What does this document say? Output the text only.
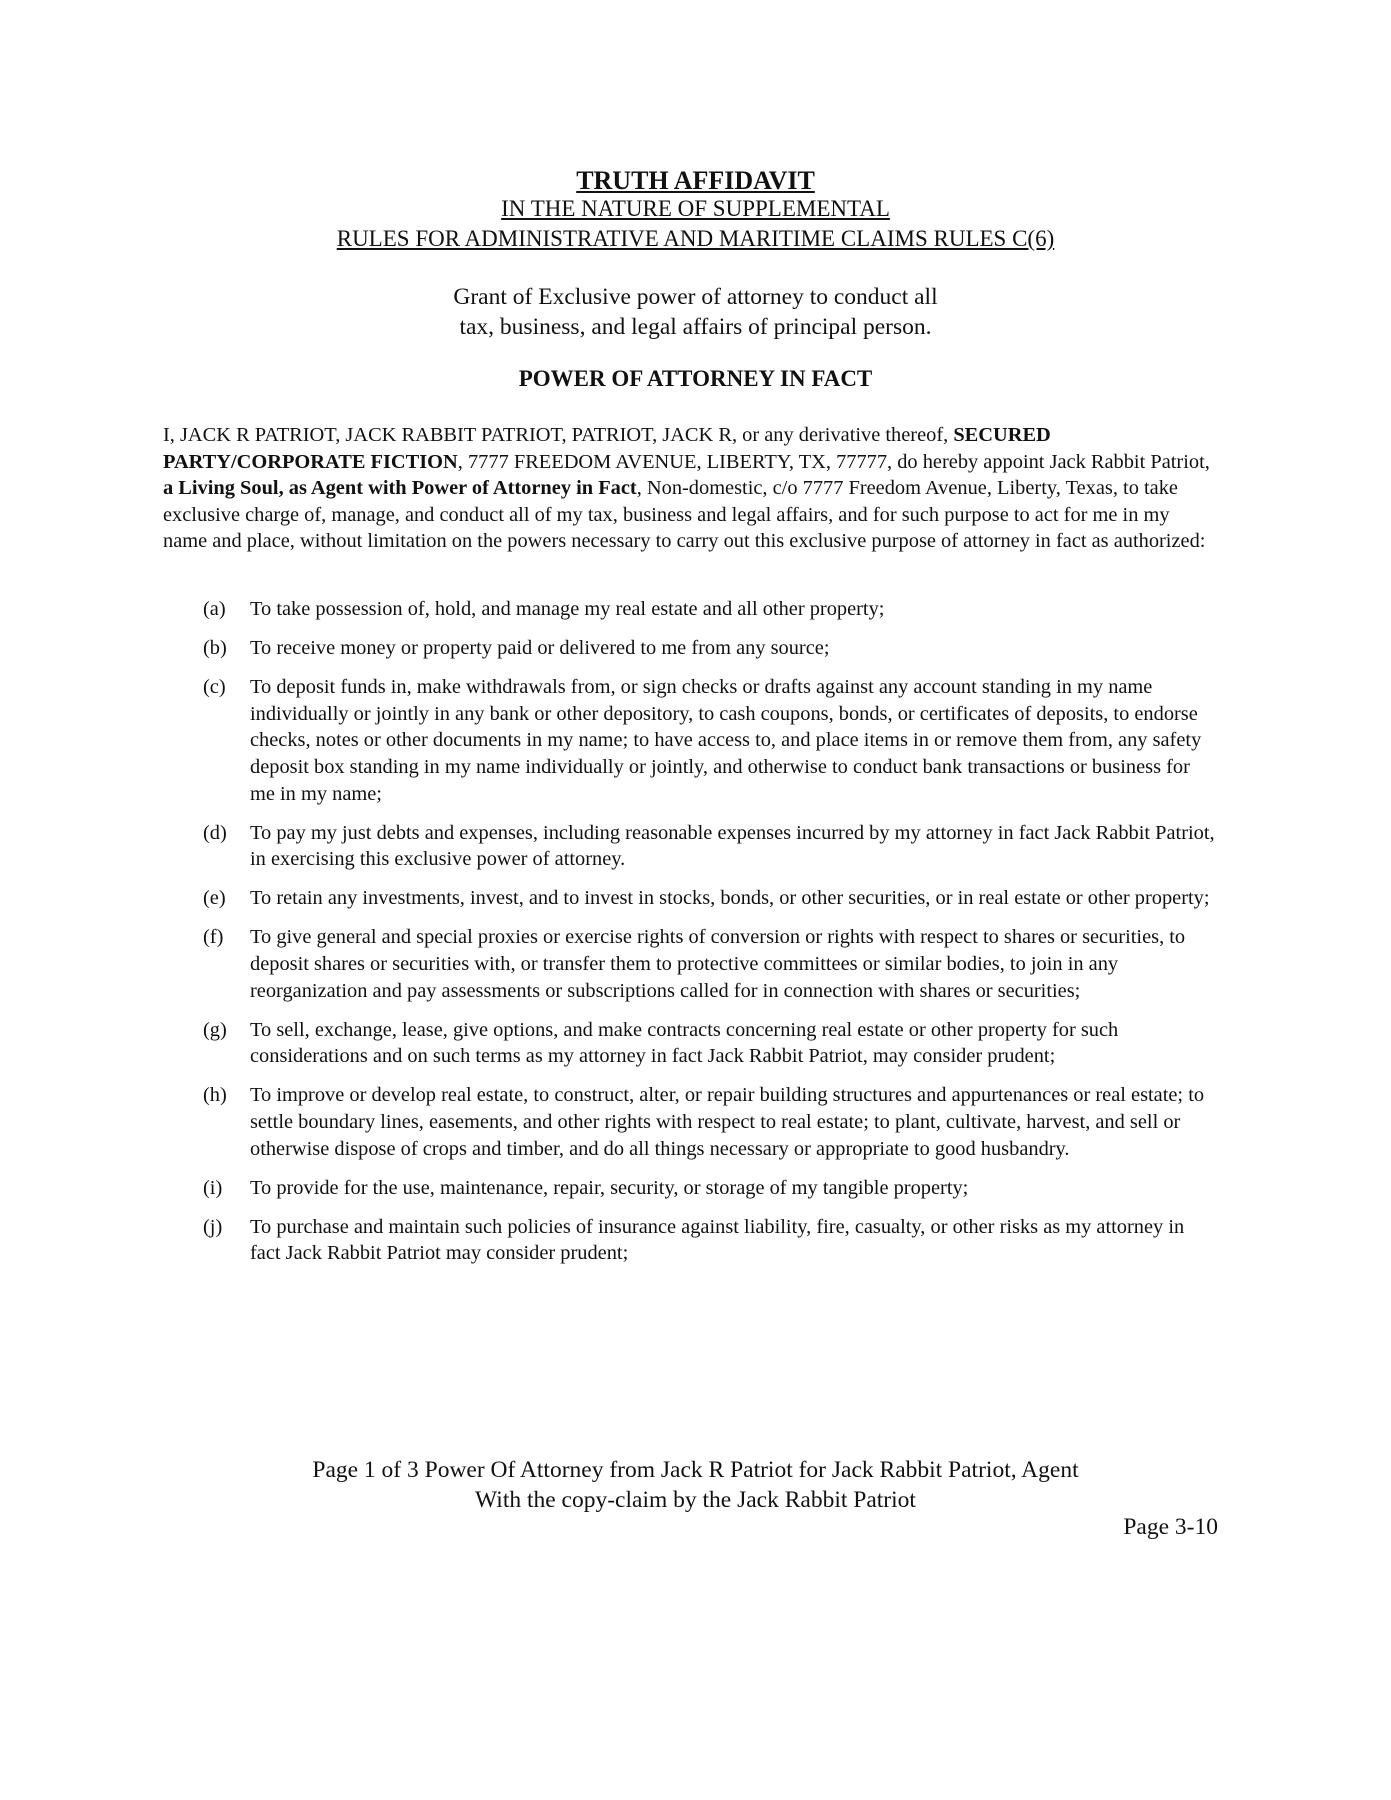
TRUTH AFFIDAVIT
IN THE NATURE OF SUPPLEMENTAL
RULES FOR ADMINISTRATIVE AND MARITIME CLAIMS RULES C(6)
Grant of Exclusive power of attorney to conduct all
tax, business, and legal affairs of principal person.
POWER OF ATTORNEY IN FACT
I, JACK R PATRIOT, JACK RABBIT PATRIOT, PATRIOT, JACK R, or any derivative thereof, SECURED PARTY/CORPORATE FICTION, 7777 FREEDOM AVENUE, LIBERTY, TX, 77777, do hereby appoint Jack Rabbit Patriot, a Living Soul, as Agent with Power of Attorney in Fact, Non-domestic, c/o 7777 Freedom Avenue, Liberty, Texas, to take exclusive charge of, manage, and conduct all of my tax, business and legal affairs, and for such purpose to act for me in my name and place, without limitation on the powers necessary to carry out this exclusive purpose of attorney in fact as authorized:
(a)	To take possession of, hold, and manage my real estate and all other property;
(b)	To receive money or property paid or delivered to me from any source;
(c)	To deposit funds in, make withdrawals from, or sign checks or drafts against any account standing in my name individually or jointly in any bank or other depository, to cash coupons, bonds, or certificates of deposits, to endorse checks, notes or other documents in my name; to have access to, and place items in or remove them from, any safety deposit box standing in my name individually or jointly, and otherwise to conduct bank transactions or business for me in my name;
(d)	To pay my just debts and expenses, including reasonable expenses incurred by my attorney in fact Jack Rabbit Patriot, in exercising this exclusive power of attorney.
(e)	To retain any investments, invest, and to invest in stocks, bonds, or other securities, or in real estate or other property;
(f)	To give general and special proxies or exercise rights of conversion or rights with respect to shares or securities, to deposit shares or securities with, or transfer them to protective committees or similar bodies, to join in any reorganization and pay assessments or subscriptions called for in connection with shares or securities;
(g)	To sell, exchange, lease, give options, and make contracts concerning real estate or other property for such considerations and on such terms as my attorney in fact Jack Rabbit Patriot, may consider prudent;
(h)	To improve or develop real estate, to construct, alter, or repair building structures and appurtenances or real estate; to settle boundary lines, easements, and other rights with respect to real estate; to plant, cultivate, harvest, and sell or otherwise dispose of crops and timber, and do all things necessary or appropriate to good husbandry.
(i)	To provide for the use, maintenance, repair, security, or storage of my tangible property;
(j)	To purchase and maintain such policies of insurance against liability, fire, casualty, or other risks as my attorney in fact Jack Rabbit Patriot may consider prudent;
Page 1 of 3 Power Of Attorney from Jack R Patriot for Jack Rabbit Patriot, Agent
With the copy-claim by the Jack Rabbit Patriot
Page 3-10
